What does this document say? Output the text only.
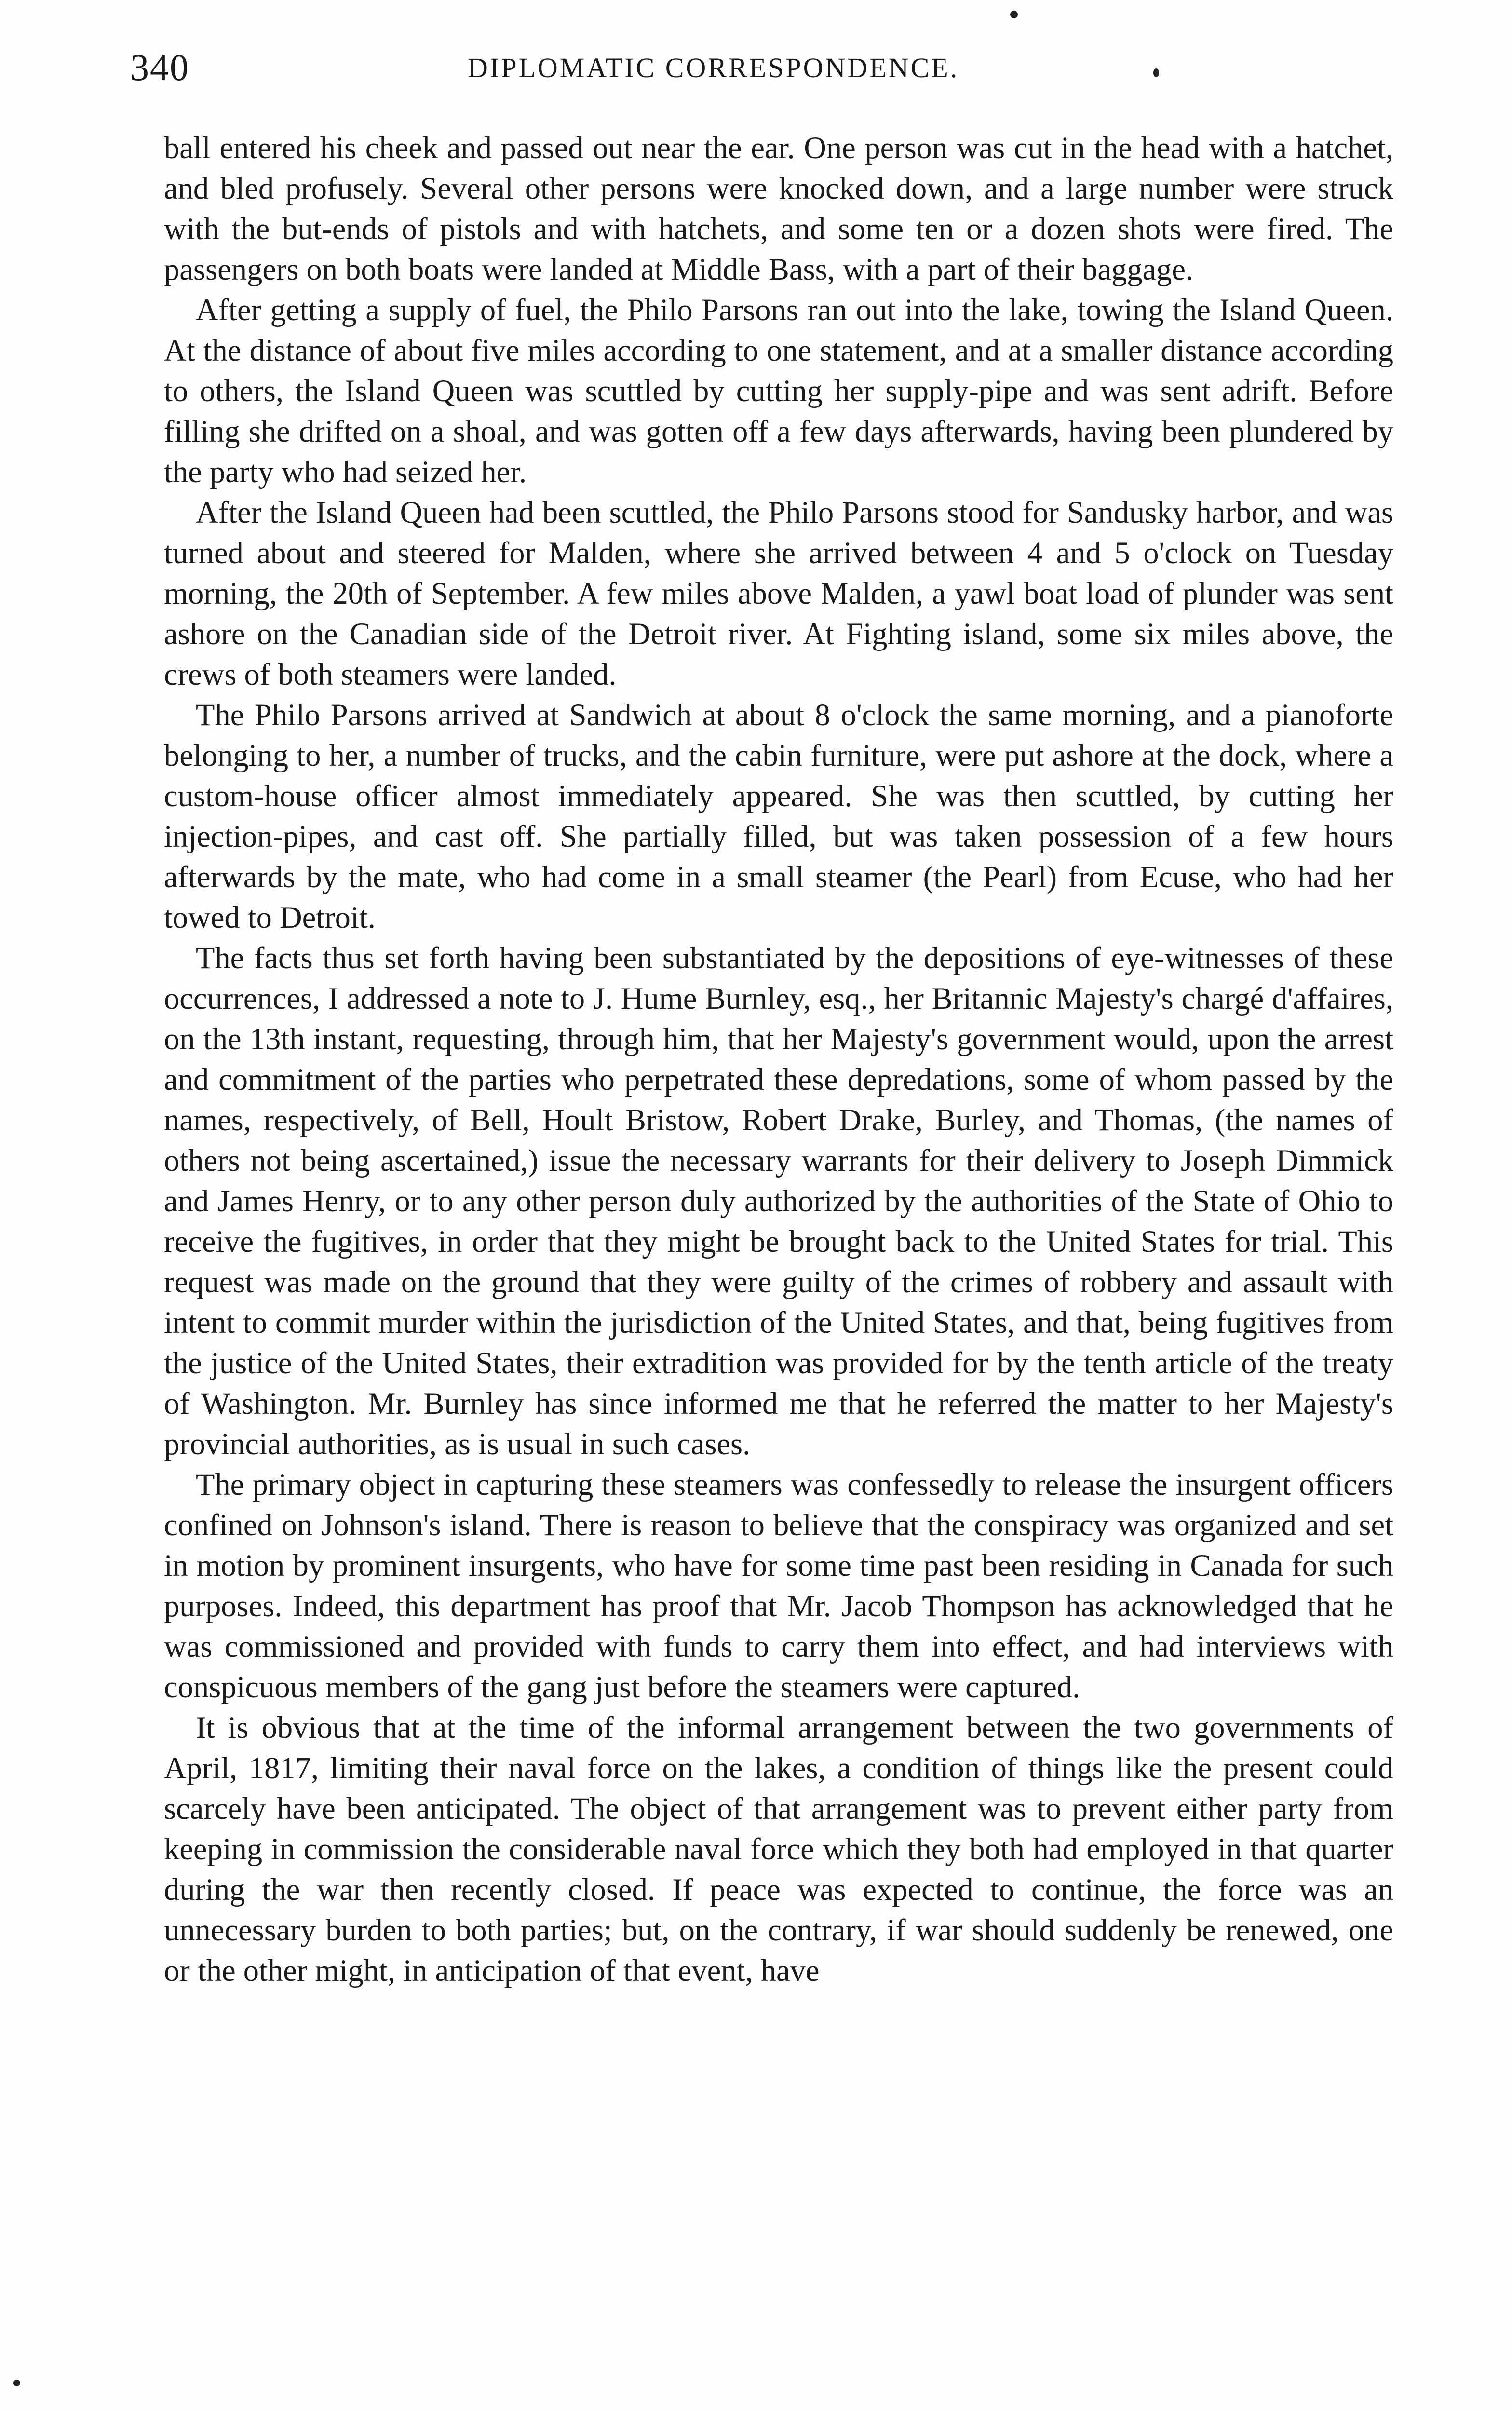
340	DIPLOMATIC CORRESPONDENCE.

ball entered his cheek and passed out near the ear. One person was cut in the head with a hatchet, and bled profusely. Several other persons were knocked down, and a large number were struck with the but-ends of pistols and with hatchets, and some ten or a dozen shots were fired. The passengers on both boats were landed at Middle Bass, with a part of their baggage.

After getting a supply of fuel, the Philo Parsons ran out into the lake, towing the Island Queen. At the distance of about five miles according to one statement, and at a smaller distance according to others, the Island Queen was scuttled by cutting her supply-pipe and was sent adrift. Before filling she drifted on a shoal, and was gotten off a few days afterwards, having been plundered by the party who had seized her.

After the Island Queen had been scuttled, the Philo Parsons stood for Sandusky harbor, and was turned about and steered for Malden, where she arrived between 4 and 5 o'clock on Tuesday morning, the 20th of September. A few miles above Malden, a yawl boat load of plunder was sent ashore on the Canadian side of the Detroit river. At Fighting island, some six miles above, the crews of both steamers were landed.

The Philo Parsons arrived at Sandwich at about 8 o'clock the same morning, and a pianoforte belonging to her, a number of trucks, and the cabin furniture, were put ashore at the dock, where a custom-house officer almost immediately appeared. She was then scuttled, by cutting her injection-pipes, and cast off. She partially filled, but was taken possession of a few hours afterwards by the mate, who had come in a small steamer (the Pearl) from Ecuse, who had her towed to Detroit.

The facts thus set forth having been substantiated by the depositions of eye-witnesses of these occurrences, I addressed a note to J. Hume Burnley, esq., her Britannic Majesty's chargé d'affaires, on the 13th instant, requesting, through him, that her Majesty's government would, upon the arrest and commitment of the parties who perpetrated these depredations, some of whom passed by the names, respectively, of Bell, Hoult Bristow, Robert Drake, Burley, and Thomas, (the names of others not being ascertained,) issue the necessary warrants for their delivery to Joseph Dimmick and James Henry, or to any other person duly authorized by the authorities of the State of Ohio to receive the fugitives, in order that they might be brought back to the United States for trial. This request was made on the ground that they were guilty of the crimes of robbery and assault with intent to commit murder within the jurisdiction of the United States, and that, being fugitives from the justice of the United States, their extradition was provided for by the tenth article of the treaty of Washington. Mr. Burnley has since informed me that he referred the matter to her Majesty's provincial authorities, as is usual in such cases.

The primary object in capturing these steamers was confessedly to release the insurgent officers confined on Johnson's island. There is reason to believe that the conspiracy was organized and set in motion by prominent insurgents, who have for some time past been residing in Canada for such purposes. Indeed, this department has proof that Mr. Jacob Thompson has acknowledged that he was commissioned and provided with funds to carry them into effect, and had interviews with conspicuous members of the gang just before the steamers were captured.

It is obvious that at the time of the informal arrangement between the two governments of April, 1817, limiting their naval force on the lakes, a condition of things like the present could scarcely have been anticipated. The object of that arrangement was to prevent either party from keeping in commission the considerable naval force which they both had employed in that quarter during the war then recently closed. If peace was expected to continue, the force was an unnecessary burden to both parties; but, on the contrary, if war should suddenly be renewed, one or the other might, in anticipation of that event, have
